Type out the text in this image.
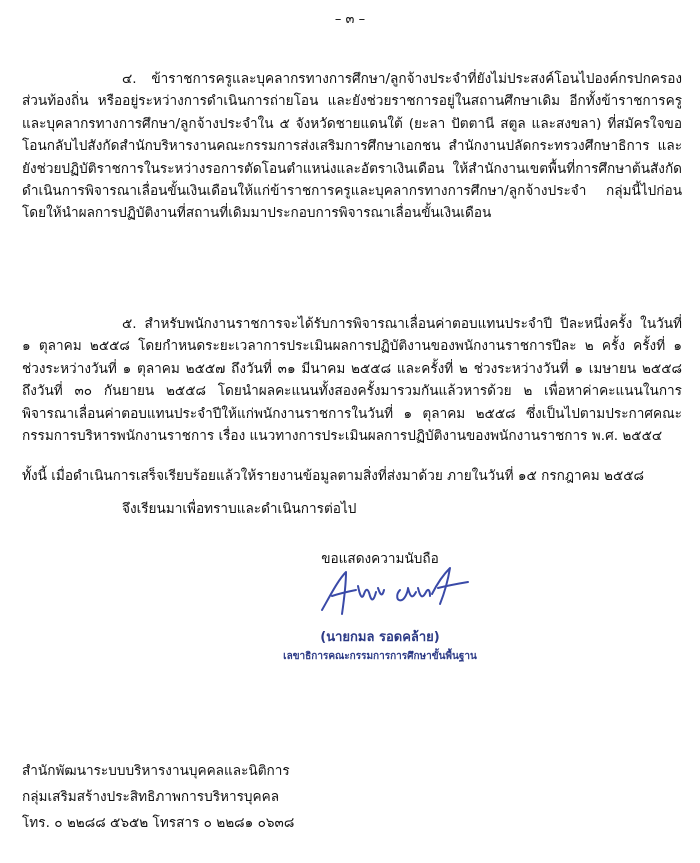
– ๓ –

๔. ข้าราชการครูและบุคลากรทางการศึกษา/ลูกจ้างประจำที่ยังไม่ประสงค์โอนไปองค์กรปกครองส่วนท้องถิ่น หรืออยู่ระหว่างการดำเนินการถ่ายโอน และยังช่วยราชการอยู่ในสถานศึกษาเดิม อีกทั้งข้าราชการครูและบุคลากรทางการศึกษา/ลูกจ้างประจำใน ๕ จังหวัดชายแดนใต้ (ยะลา ปัตตานี สตูล และสงขลา) ที่สมัครใจขอโอนกลับไปสังกัดสำนักบริหารงานคณะกรรมการส่งเสริมการศึกษาเอกชน สำนักงานปลัดกระทรวงศึกษาธิการ และยังช่วยปฏิบัติราชการในระหว่างรอการตัดโอนตำแหน่งและอัตราเงินเดือน ให้สำนักงานเขตพื้นที่การศึกษาต้นสังกัดดำเนินการพิจารณาเลื่อนขั้นเงินเดือนให้แก่ข้าราชการครูและบุคลากรทางการศึกษา/ลูกจ้างประจำ กลุ่มนี้ไปก่อน โดยให้นำผลการปฏิบัติงานที่สถานที่เดิมมาประกอบการพิจารณาเลื่อนขั้นเงินเดือน

๕. สำหรับพนักงานราชการจะได้รับการพิจารณาเลื่อนค่าตอบแทนประจำปี ปีละหนึ่งครั้ง ในวันที่ ๑ ตุลาคม ๒๕๕๘ โดยกำหนดระยะเวลาการประเมินผลการปฏิบัติงานของพนักงานราชการปีละ ๒ ครั้ง ครั้งที่ ๑ ช่วงระหว่างวันที่ ๑ ตุลาคม ๒๕๕๗ ถึงวันที่ ๓๑ มีนาคม ๒๕๕๘ และครั้งที่ ๒ ช่วงระหว่างวันที่ ๑ เมษายน ๒๕๕๘ ถึงวันที่ ๓๐ กันยายน ๒๕๕๘ โดยนำผลคะแนนทั้งสองครั้งมารวมกันแล้วหารด้วย ๒ เพื่อหาค่าคะแนนในการพิจารณาเลื่อนค่าตอบแทนประจำปีให้แก่พนักงานราชการในวันที่ ๑ ตุลาคม ๒๕๕๘ ซึ่งเป็นไปตามประกาศคณะกรรมการบริหารพนักงานราชการ เรื่อง แนวทางการประเมินผลการปฏิบัติงานของพนักงานราชการ พ.ศ. ๒๕๕๔

ทั้งนี้ เมื่อดำเนินการเสร็จเรียบร้อยแล้วให้รายงานข้อมูลตามสิ่งที่ส่งมาด้วย ภายในวันที่ ๑๕ กรกฎาคม ๒๕๕๘

จึงเรียนมาเพื่อทราบและดำเนินการต่อไป

ขอแสดงความนับถือ
(นายกมล รอดคล้าย)
เลขาธิการคณะกรรมการการศึกษาขั้นพื้นฐาน

สำนักพัฒนาระบบบริหารงานบุคคลและนิติการ

กลุ่มเสริมสร้างประสิทธิภาพการบริหารบุคคล

โทร. ๐ ๒๒๘๘ ๕๖๕๒ โทรสาร ๐ ๒๒๘๑ ๐๖๓๘
